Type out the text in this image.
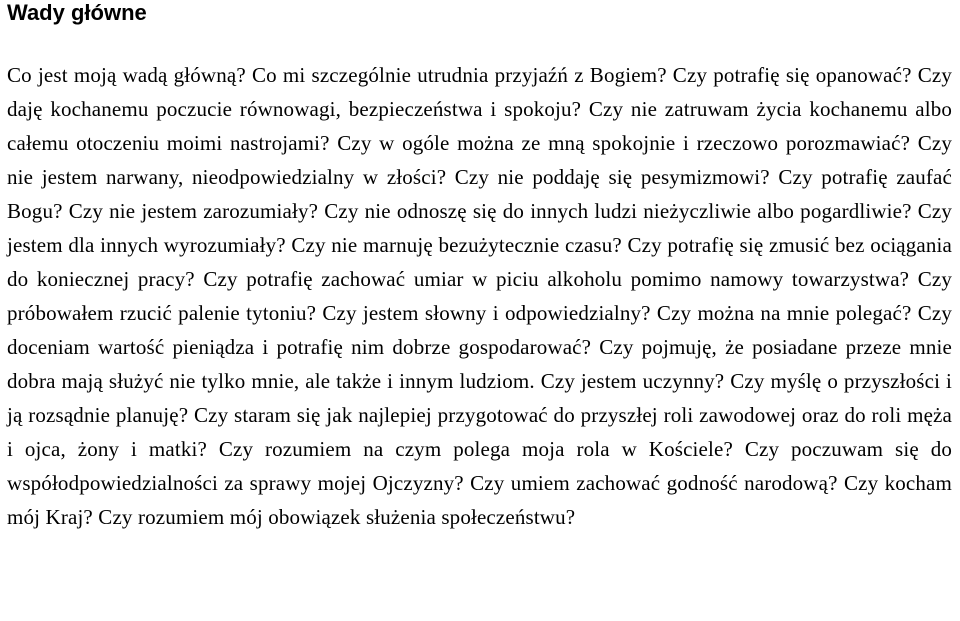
Wady główne

Co jest moją wadą główną? Co mi szczególnie utrudnia przyjaźń z Bogiem? Czy potrafię się opanować? Czy daję kochanemu poczucie równowagi, bezpieczeństwa i spokoju? Czy nie zatruwam życia kochanemu albo całemu otoczeniu moimi nastrojami? Czy w ogóle można ze mną spokojnie i rzeczowo porozmawiać? Czy nie jestem narwany, nieodpowiedzialny w złości? Czy nie poddaję się pesymizmowi? Czy potrafię zaufać Bogu? Czy nie jestem zarozumiały? Czy nie odnoszę się do innych ludzi nieżyczliwie albo pogardliwie? Czy jestem dla innych wyrozumiały? Czy nie marnuję bezużytecznie czasu? Czy potrafię się zmusić bez ociągania do koniecznej pracy? Czy potrafię zachować umiar w piciu alkoholu pomimo namowy towarzystwa? Czy próbowałem rzucić palenie tytoniu? Czy jestem słowny i odpowiedzialny? Czy można na mnie polegać? Czy doceniam wartość pieniądza i potrafię nim dobrze gospodarować? Czy pojmuję, że posiadane przeze mnie dobra mają służyć nie tylko mnie, ale także i innym ludziom. Czy jestem uczynny? Czy myślę o przyszłości i ją rozsądnie planuję? Czy staram się jak najlepiej przygotować do przyszłej roli zawodowej oraz do roli męża i ojca, żony i matki? Czy rozumiem na czym polega moja rola w Kościele? Czy poczuwam się do współodpowiedzialności za sprawy mojej Ojczyzny? Czy umiem zachować godność narodową? Czy kocham mój Kraj? Czy rozumiem mój obowiązek służenia społeczeństwu?
